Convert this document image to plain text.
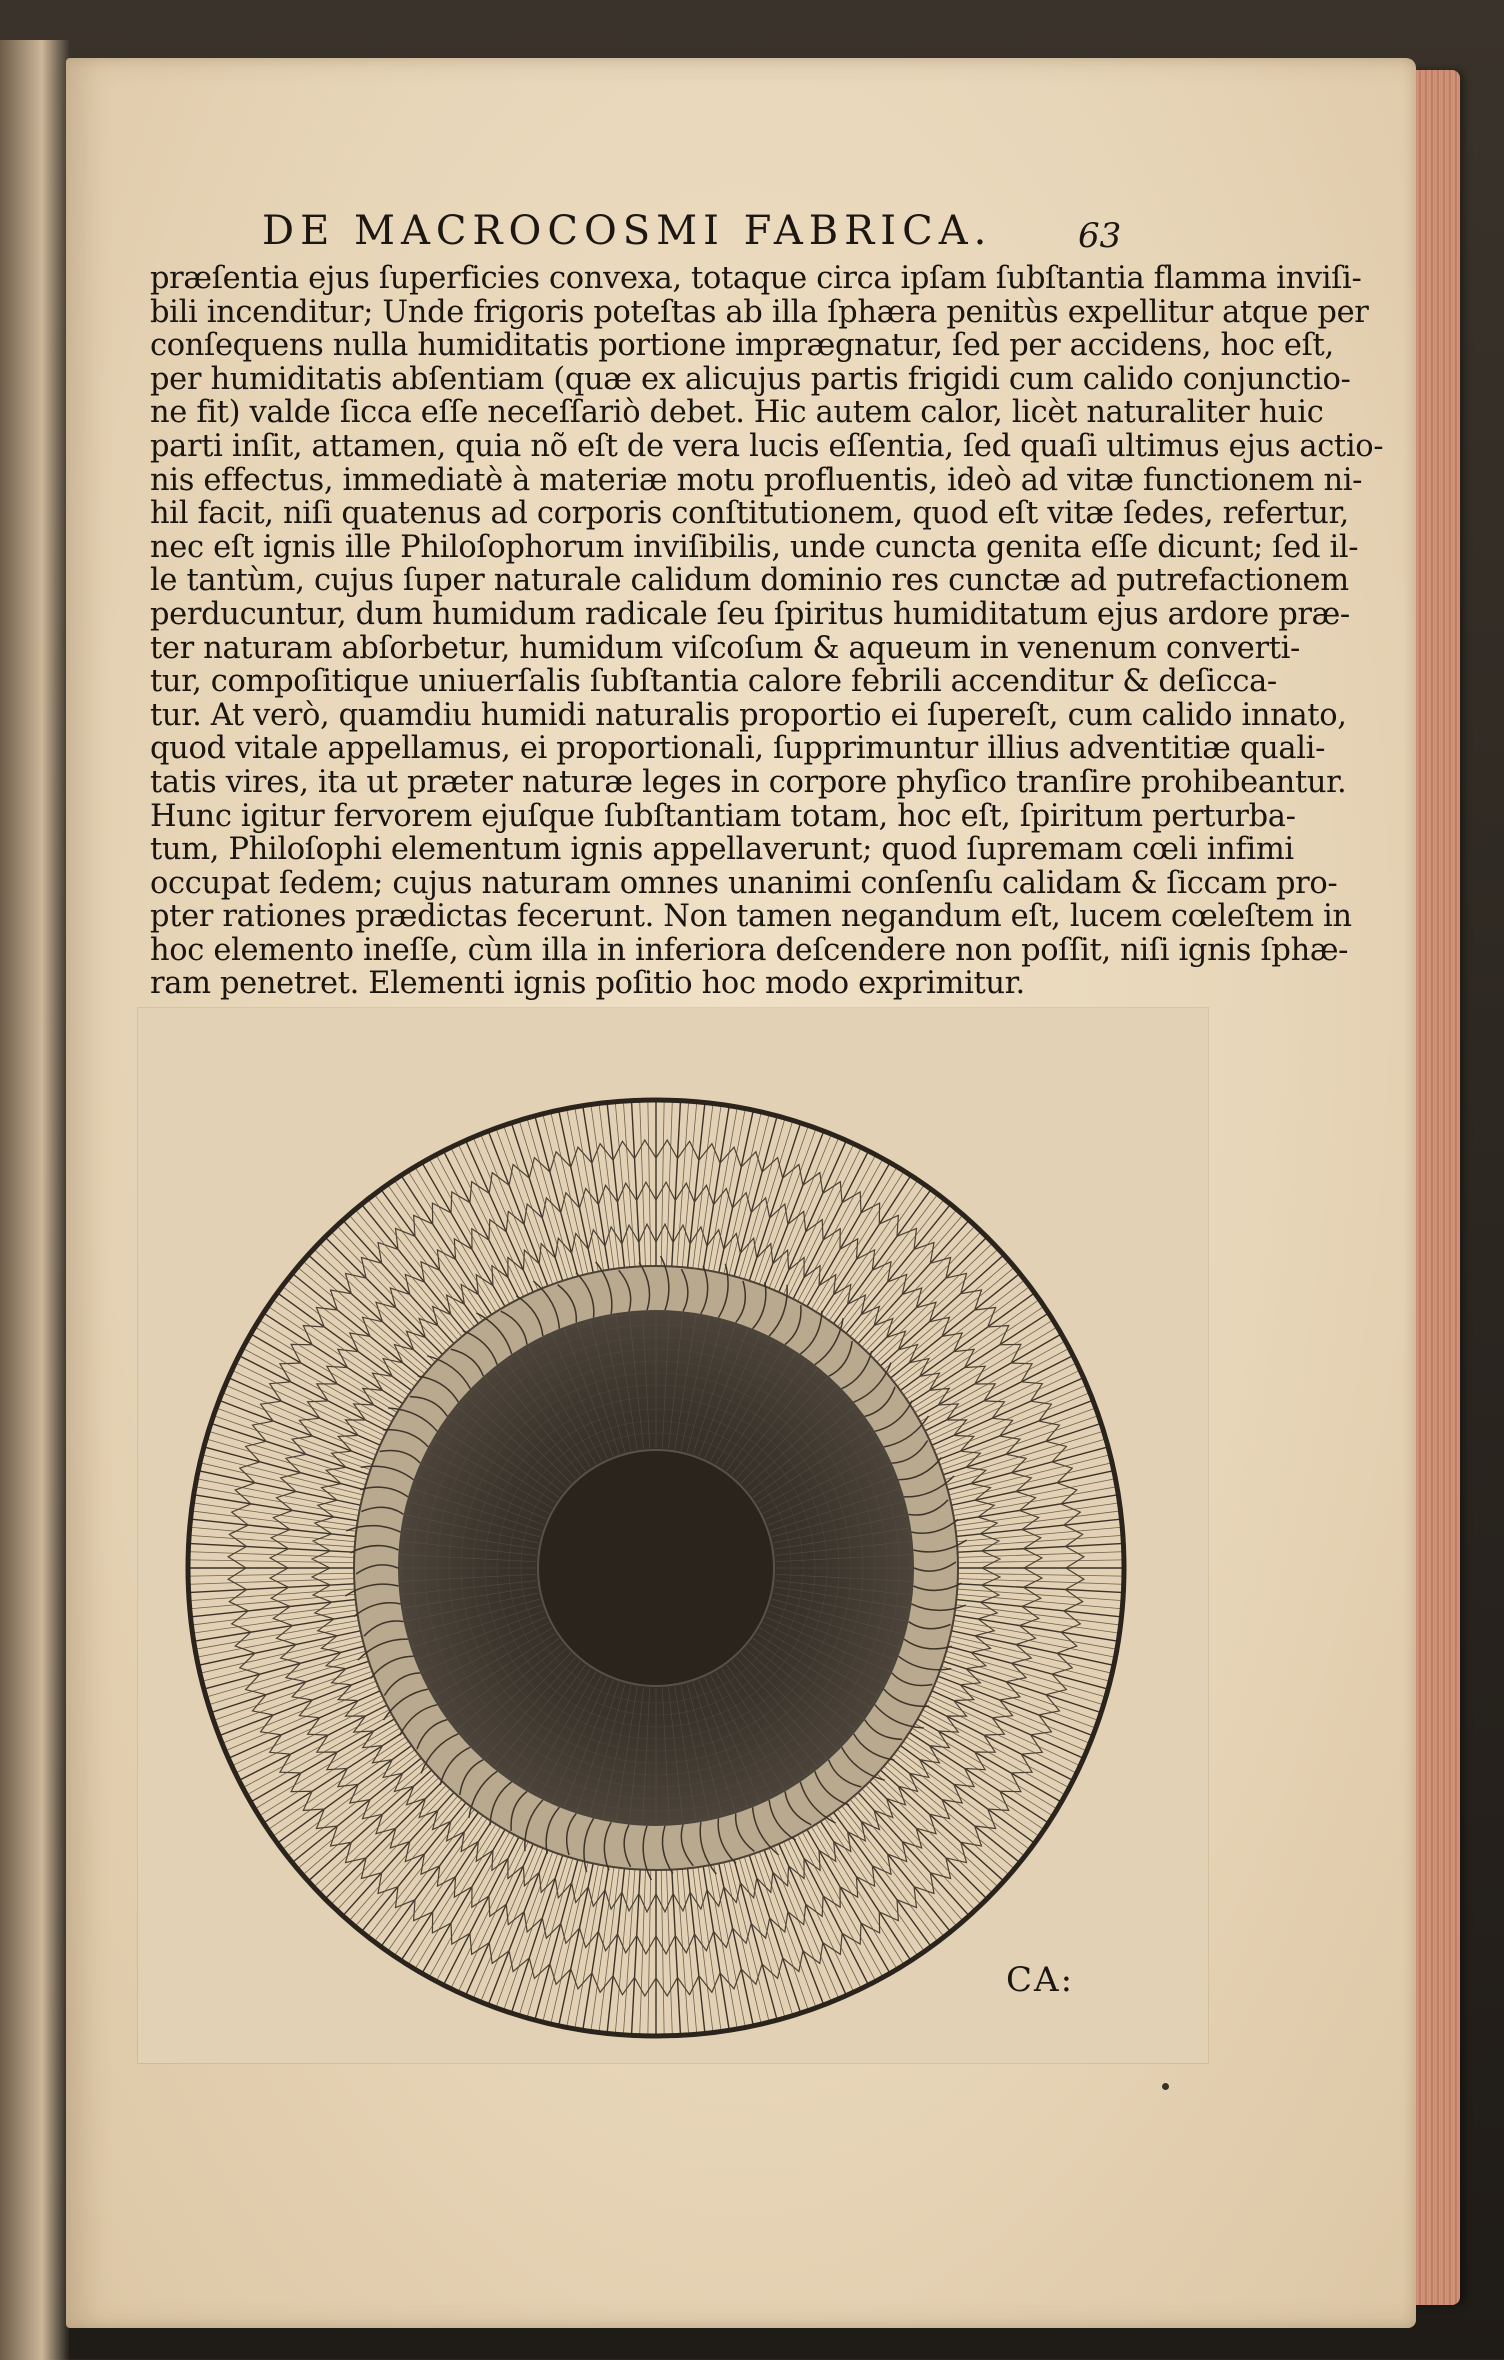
DE MACROCOSMI FABRICA.	63
præſentia ejus ſuperficies convexa, totaque circa ipſam ſubſtantia flamma inviſi-
bili incenditur; Unde frigoris poteſtas ab illa ſphæra penitùs expellitur atque per
conſequens nulla humiditatis portione imprægnatur, ſed per accidens, hoc eſt,
per humiditatis abſentiam (quæ ex alicujus partis frigidi cum calido conjunctio-
ne fit) valde ſicca eſſe neceſſariò debet. Hic autem calor, licèt naturaliter huic
parti inſit, attamen, quia nõ eſt de vera lucis eſſentia, ſed quaſi ultimus ejus actio-
nis effectus, immediatè à materiæ motu profluentis, ideò ad vitæ functionem ni-
hil facit, niſi quatenus ad corporis conſtitutionem, quod eſt vitæ ſedes, refertur,
nec eſt ignis ille Philoſophorum inviſibilis, unde cuncta genita eſſe dicunt; ſed il-
le tantùm, cujus ſuper naturale calidum dominio res cunctæ ad putrefactionem
perducuntur, dum humidum radicale ſeu ſpiritus humiditatum ejus ardore præ-
ter naturam abſorbetur, humidum viſcoſum & aqueum in venenum converti-
tur, compoſitique uniuerſalis ſubſtantia calore febrili accenditur & deſicca-
tur. At verò, quamdiu humidi naturalis proportio ei ſupereſt, cum calido innato,
quod vitale appellamus, ei proportionali, ſupprimuntur illius adventitiæ quali-
tatis vires, ita ut præter naturæ leges in corpore phyſico tranſire prohibeantur.
Hunc igitur fervorem ejuſque ſubſtantiam totam, hoc eſt, ſpiritum perturba-
tum, Philoſophi elementum ignis appellaverunt; quod ſupremam cœli infimi
occupat ſedem; cujus naturam omnes unanimi conſenſu calidam & ſiccam pro-
pter rationes prædictas fecerunt. Non tamen negandum eſt, lucem cœleſtem in
hoc elemento ineſſe, cùm illa in inferiora deſcendere non poſſit, niſi ignis ſphæ-
ram penetret. Elementi ignis poſitio hoc modo exprimitur.
CA:
